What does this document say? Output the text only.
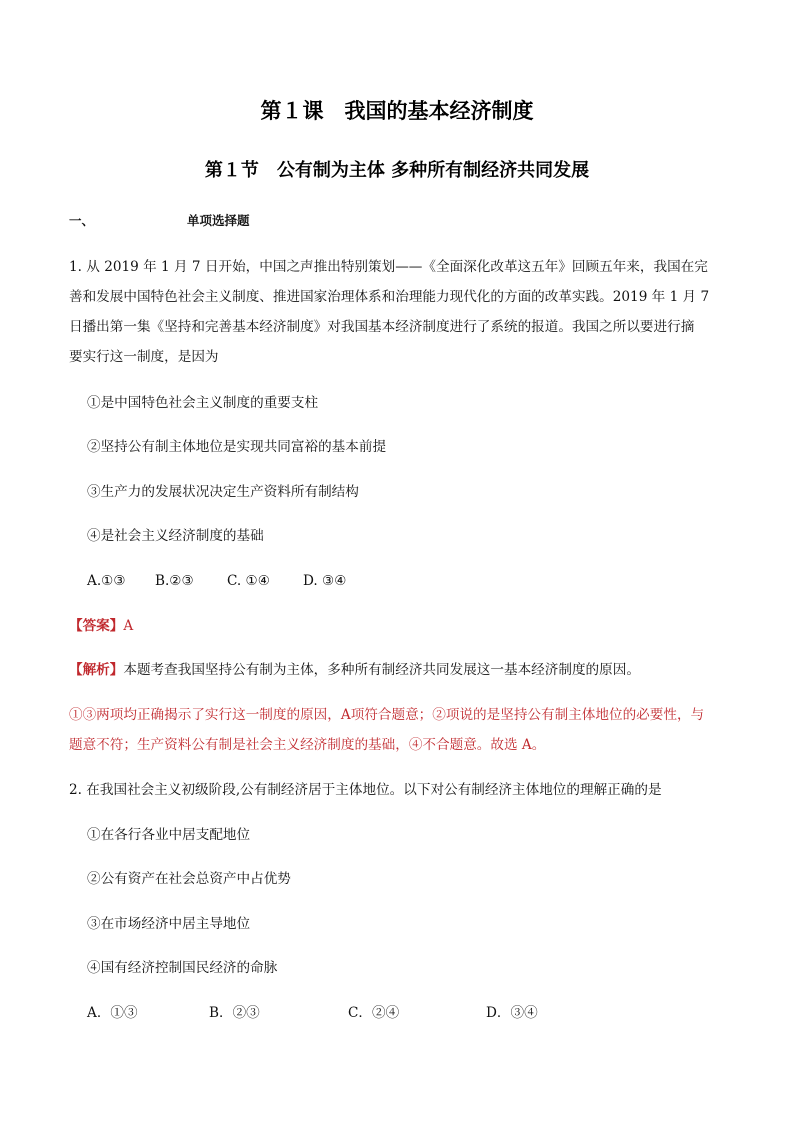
第１课　我国的基本经济制度
第１节　公有制为主体 多种所有制经济共同发展
一、	单项选择题
1. 从 2019 年 1 月 7 日开始，中国之声推出特别策划——《全面深化改革这五年》回顾五年来，我国在完
善和发展中国特色社会主义制度、推进国家治理体系和治理能力现代化的方面的改革实践。2019 年 1 月 7
日播出第一集《坚持和完善基本经济制度》对我国基本经济制度进行了系统的报道。我国之所以要进行摘
要实行这一制度，是因为
①是中国特色社会主义制度的重要支柱
②坚持公有制主体地位是实现共同富裕的基本前提
③生产力的发展状况决定生产资料所有制结构
④是社会主义经济制度的基础
A.①③ B.②③ C. ①④ D. ③④
【答案】A
【解析】本题考查我国坚持公有制为主体，多种所有制经济共同发展这一基本经济制度的原因。
①③两项均正确揭示了实行这一制度的原因，A项符合题意；②项说的是坚持公有制主体地位的必要性，与
题意不符；生产资料公有制是社会主义经济制度的基础，④不合题意。故选 A。
2. 在我国社会主义初级阶段,公有制经济居于主体地位。以下对公有制经济主体地位的理解正确的是
①在各行各业中居支配地位
②公有资产在社会总资产中占优势
③在市场经济中居主导地位
④国有经济控制国民经济的命脉
A．①③	B．②③	C．②④	D．③④
